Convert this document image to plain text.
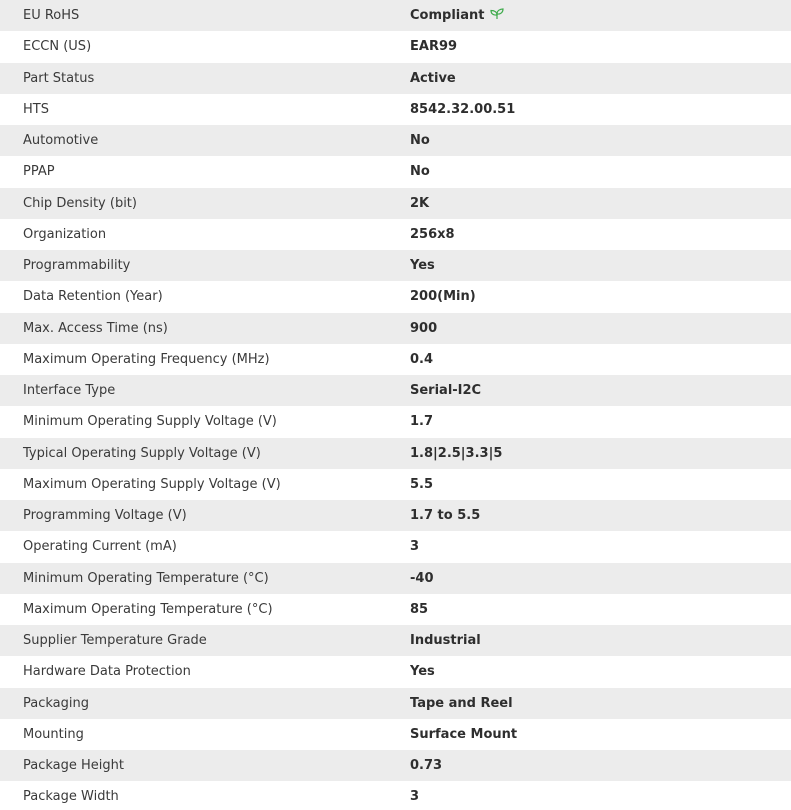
EU RoHS	Compliant
ECCN (US)	EAR99
Part Status	Active
HTS	8542.32.00.51
Automotive	No
PPAP	No
Chip Density (bit)	2K
Organization	256x8
Programmability	Yes
Data Retention (Year)	200(Min)
Max. Access Time (ns)	900
Maximum Operating Frequency (MHz)	0.4
Interface Type	Serial-I2C
Minimum Operating Supply Voltage (V)	1.7
Typical Operating Supply Voltage (V)	1.8|2.5|3.3|5
Maximum Operating Supply Voltage (V)	5.5
Programming Voltage (V)	1.7 to 5.5
Operating Current (mA)	3
Minimum Operating Temperature (°C)	-40
Maximum Operating Temperature (°C)	85
Supplier Temperature Grade	Industrial
Hardware Data Protection	Yes
Packaging	Tape and Reel
Mounting	Surface Mount
Package Height	0.73
Package Width	3
